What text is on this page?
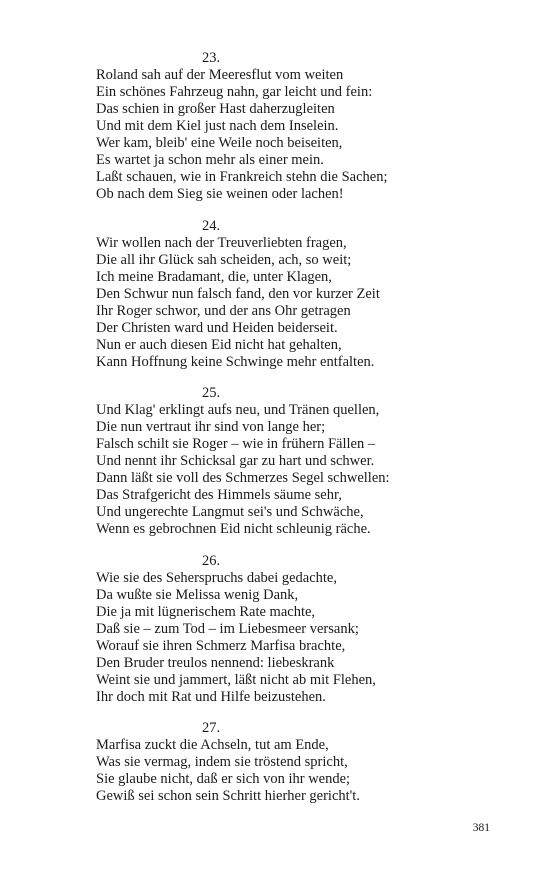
23.
Roland sah auf der Meeresflut vom weiten
Ein schönes Fahrzeug nahn, gar leicht und fein:
Das schien in großer Hast daherzugleiten
Und mit dem Kiel just nach dem Inselein.
Wer kam, bleib' eine Weile noch beiseiten,
Es wartet ja schon mehr als einer mein.
Laßt schauen, wie in Frankreich stehn die Sachen;
Ob nach dem Sieg sie weinen oder lachen!
24.
Wir wollen nach der Treuverliebten fragen,
Die all ihr Glück sah scheiden, ach, so weit;
Ich meine Bradamant, die, unter Klagen,
Den Schwur nun falsch fand, den vor kurzer Zeit
Ihr Roger schwor, und der ans Ohr getragen
Der Christen ward und Heiden beiderseit.
Nun er auch diesen Eid nicht hat gehalten,
Kann Hoffnung keine Schwinge mehr entfalten.
25.
Und Klag' erklingt aufs neu, und Tränen quellen,
Die nun vertraut ihr sind von lange her;
Falsch schilt sie Roger – wie in frühern Fällen –
Und nennt ihr Schicksal gar zu hart und schwer.
Dann läßt sie voll des Schmerzes Segel schwellen:
Das Strafgericht des Himmels säume sehr,
Und ungerechte Langmut sei's und Schwäche,
Wenn es gebrochnen Eid nicht schleunig räche.
26.
Wie sie des Seherspruchs dabei gedachte,
Da wußte sie Melissa wenig Dank,
Die ja mit lügnerischem Rate machte,
Daß sie – zum Tod – im Liebesmeer versank;
Worauf sie ihren Schmerz Marfisa brachte,
Den Bruder treulos nennend: liebeskrank
Weint sie und jammert, läßt nicht ab mit Flehen,
Ihr doch mit Rat und Hilfe beizustehen.
27.
Marfisa zuckt die Achseln, tut am Ende,
Was sie vermag, indem sie tröstend spricht,
Sie glaube nicht, daß er sich von ihr wende;
Gewiß sei schon sein Schritt hierher gericht't.
381
